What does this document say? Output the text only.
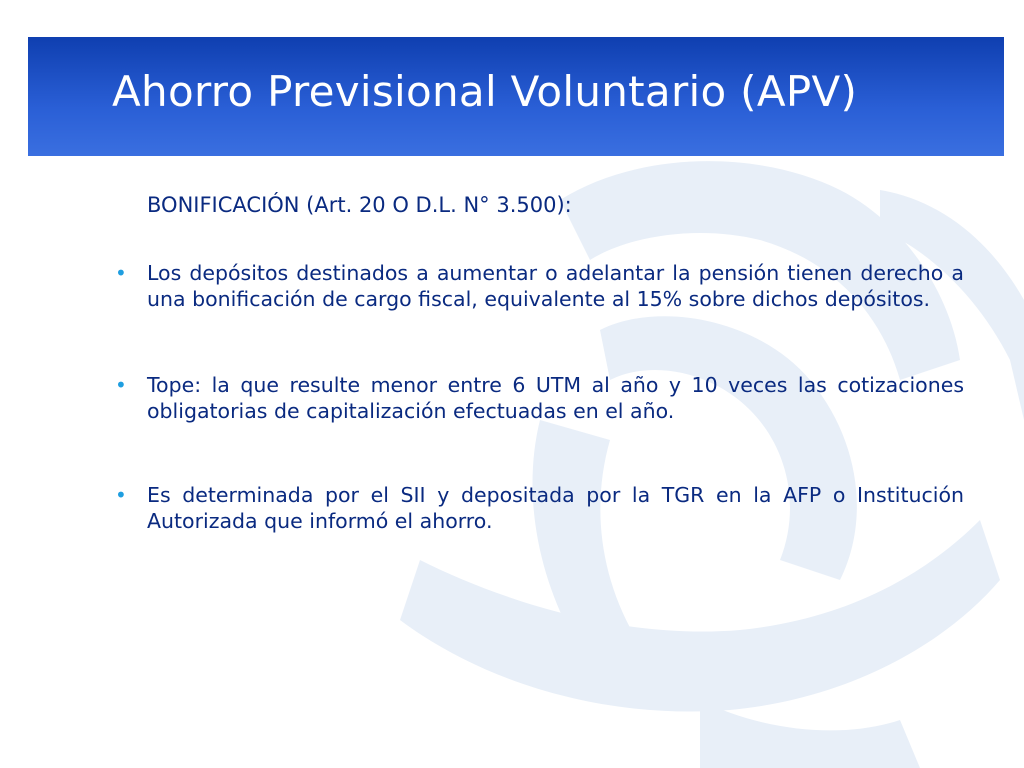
Ahorro Previsional Voluntario (APV)
BONIFICACIÓN (Art. 20 O D.L. N° 3.500):
• Los depósitos destinados a aumentar o adelantar la pensión tienen derecho a una bonificación de cargo fiscal, equivalente al 15% sobre dichos depósitos.
• Tope: la que resulte menor entre 6 UTM al año y 10 veces las cotizaciones obligatorias de capitalización efectuadas en el año.
• Es determinada por el SII y depositada por la TGR en la AFP o Institución Autorizada que informó el ahorro.
